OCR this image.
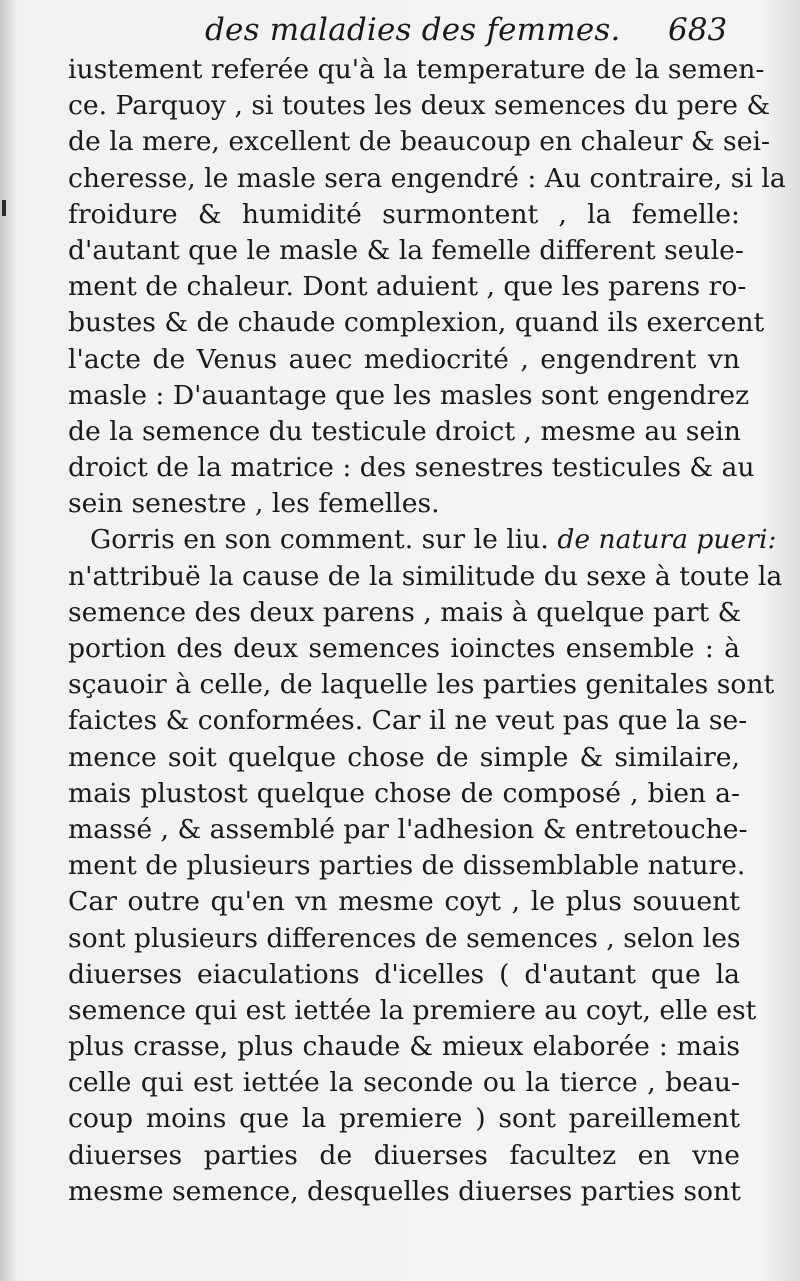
des maladies des femmes. 683
iustement referée qu'à la temperature de la semen-
ce. Parquoy , si toutes les deux semences du pere &
de la mere, excellent de beaucoup en chaleur & sei-
cheresse, le masle sera engendré : Au contraire, si la
froidure & humidité surmontent , la femelle:
d'autant que le masle & la femelle different seule-
ment de chaleur. Dont aduient , que les parens ro-
bustes & de chaude complexion, quand ils exercent
l'acte de Venus auec mediocrité , engendrent vn
masle : D'auantage que les masles sont engendrez
de la semence du testicule droict , mesme au sein
droict de la matrice : des senestres testicules & au
sein senestre , les femelles.
Gorris en son comment. sur le liu. de natura pueri:
n'attribuë la cause de la similitude du sexe à toute la
semence des deux parens , mais à quelque part &
portion des deux semences ioinctes ensemble : à
sçauoir à celle, de laquelle les parties genitales sont
faictes & conformées. Car il ne veut pas que la se-
mence soit quelque chose de simple & similaire,
mais plustost quelque chose de composé , bien a-
massé , & assemblé par l'adhesion & entretouche-
ment de plusieurs parties de dissemblable nature.
Car outre qu'en vn mesme coyt , le plus souuent
sont plusieurs differences de semences , selon les
diuerses eiaculations d'icelles ( d'autant que la
semence qui est iettée la premiere au coyt, elle est
plus crasse, plus chaude & mieux elaborée : mais
celle qui est iettée la seconde ou la tierce , beau-
coup moins que la premiere ) sont pareillement
diuerses parties de diuerses facultez en vne
mesme semence, desquelles diuerses parties sont
